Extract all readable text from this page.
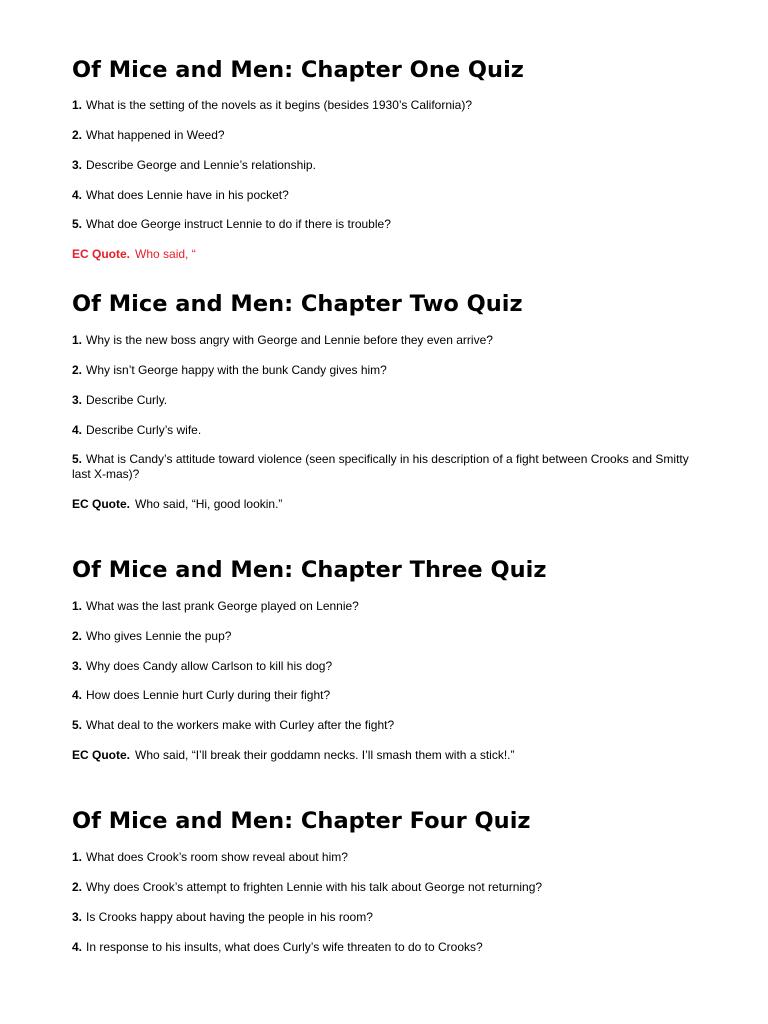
Of Mice and Men: Chapter One Quiz

1. What is the setting of the novels as it begins (besides 1930’s California)?

2. What happened in Weed?

3. Describe George and Lennie’s relationship.

4. What does Lennie have in his pocket?

5. What doe George instruct Lennie to do if there is trouble?

EC Quote. Who said, “

Of Mice and Men: Chapter Two Quiz

1. Why is the new boss angry with George and Lennie before they even arrive?

2. Why isn’t George happy with the bunk Candy gives him?

3. Describe Curly.

4. Describe Curly’s wife.

5. What is Candy’s attitude toward violence (seen specifically in his description of a fight between Crooks and Smitty last X-mas)?

EC Quote. Who said, “Hi, good lookin.”

Of Mice and Men: Chapter Three Quiz

1. What was the last prank George played on Lennie?

2. Who gives Lennie the pup?

3. Why does Candy allow Carlson to kill his dog?

4. How does Lennie hurt Curly during their fight?

5. What deal to the workers make with Curley after the fight?

EC Quote. Who said, “I’ll break their goddamn necks. I’ll smash them with a stick!.”

Of Mice and Men: Chapter Four Quiz

1. What does Crook’s room show reveal about him?

2. Why does Crook’s attempt to frighten Lennie with his talk about George not returning?

3. Is Crooks happy about having the people in his room?

4. In response to his insults, what does Curly’s wife threaten to do to Crooks?
